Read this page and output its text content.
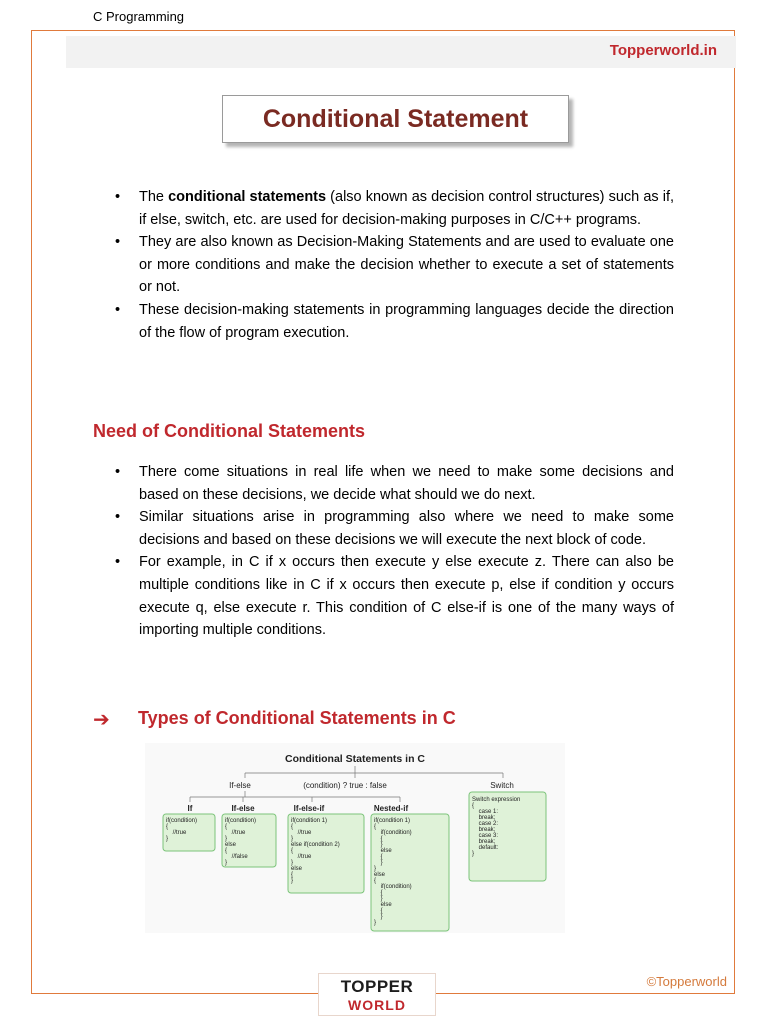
C Programming
Topperworld.in
Conditional Statement
• The conditional statements (also known as decision control structures) such as if, if else, switch, etc. are used for decision-making purposes in C/C++ programs.
• They are also known as Decision-Making Statements and are used to evaluate one or more conditions and make the decision whether to execute a set of statements or not.
• These decision-making statements in programming languages decide the direction of the flow of program execution.
Need of Conditional Statements
• There come situations in real life when we need to make some decisions and based on these decisions, we decide what should we do next.
• Similar situations arise in programming also where we need to make some decisions and based on these decisions we will execute the next block of code.
• For example, in C if x occurs then execute y else execute z. There can also be multiple conditions like in C if x occurs then execute p, else if condition y occurs execute q, else execute r. This condition of C else-if is one of the many ways of importing multiple conditions.
➔ Types of Conditional Statements in C
Conditional Statements in C
If-else	(condition) ? true : false	Switch
If	If-else	If-else-if	Nested-if
if(condition) {    //true }
if(condition) {    //true } else {    //false }
if(condition 1) {    //true } else if(condition 2) {    //true } else { }
if(condition 1) {    if(condition)    {    }    else    {    } } else {    if(condition)    {    }    else    {    } }
Switch expression {    case 1:    break;    case 2:    break;    case 3:    break;    default: }
TOPPER
WORLD
©Topperworld
